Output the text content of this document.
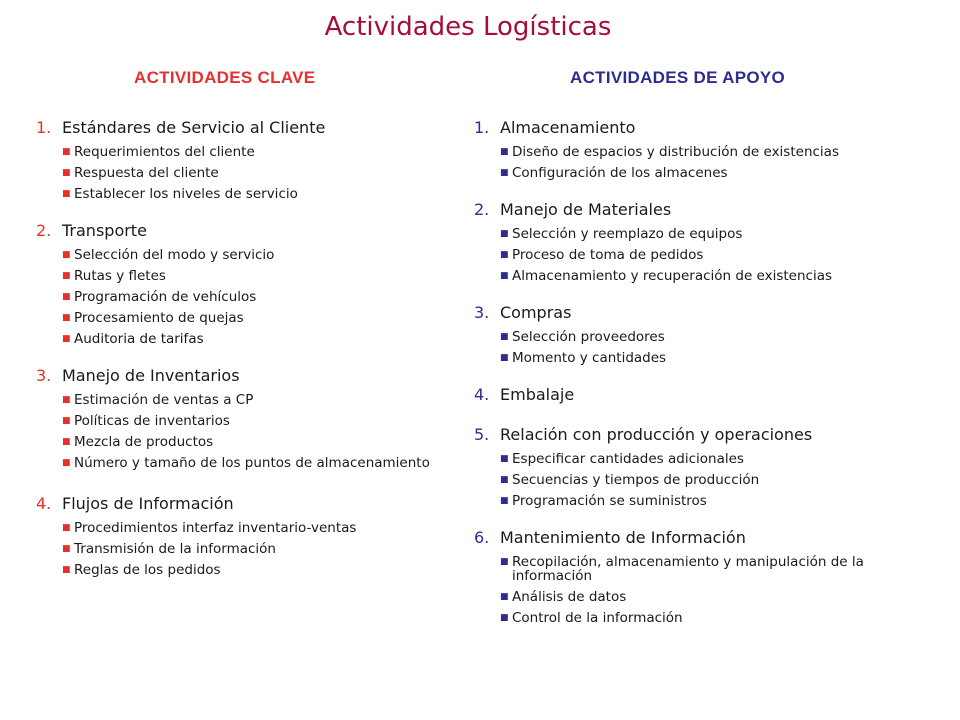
Actividades Logísticas
ACTIVIDADES CLAVE
1. Estándares de Servicio al Cliente
■ Requerimientos del cliente
■ Respuesta del cliente
■ Establecer los niveles de servicio
2. Transporte
■ Selección del modo y servicio
■ Rutas y fletes
■ Programación de vehículos
■ Procesamiento de quejas
■ Auditoria de tarifas
3. Manejo de Inventarios
■ Estimación de ventas a CP
■ Políticas de inventarios
■ Mezcla de productos
■ Número y tamaño de los puntos de almacenamiento
4. Flujos de Información
■ Procedimientos interfaz inventario-ventas
■ Transmisión de la información
■ Reglas de los pedidos
ACTIVIDADES DE APOYO
1. Almacenamiento
■ Diseño de espacios y distribución de existencias
■ Configuración de los almacenes
2. Manejo de Materiales
■ Selección y reemplazo de equipos
■ Proceso de toma de pedidos
■ Almacenamiento y recuperación de existencias
3. Compras
■ Selección proveedores
■ Momento y cantidades
4. Embalaje
5. Relación con producción y operaciones
■ Especificar cantidades adicionales
■ Secuencias y tiempos de producción
■ Programación se suministros
6. Mantenimiento de Información
■ Recopilación, almacenamiento y manipulación de la información
■ Análisis de datos
■ Control de la información
